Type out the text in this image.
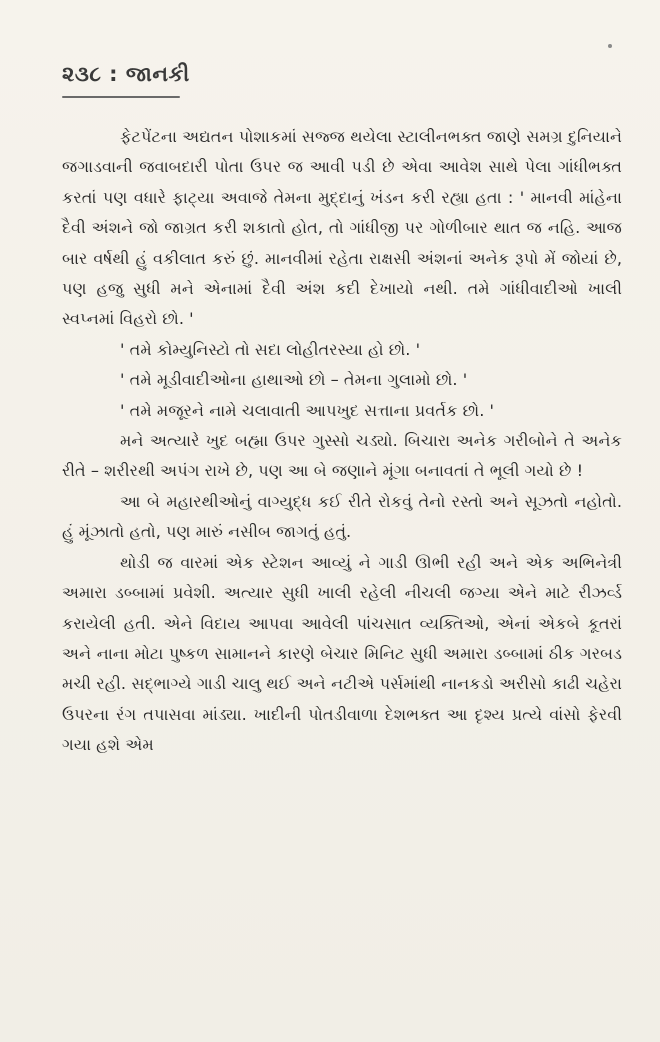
૨૩૮ : જાનકી

ફેટપેંટના અદ્યતન પોશાકમાં સજ્જ થયેલા સ્ટાલીનભક્ત જાણે સમગ્ર દુનિયાને જગાડવાની જવાબદારી પોતા ઉપર જ આવી પડી છે એવા આવેશ સાથે પેલા ગાંધીભક્ત કરતાં પણ વધારે ફાટ્યા અવાજે તેમના મુદ્દાનું ખંડન કરી રહ્યા હતા : ' માનવી માંહેના દૈવી અંશને જો જાગ્રત કરી શકાતો હોત, તો ગાંધીજી પર ગોળીબાર થાત જ નહિ. આજ બાર વર્ષથી હું વકીલાત કરું છું. માનવીમાં રહેતા રાક્ષસી અંશનાં અનેક રૂપો મેં જોયાં છે, પણ હજુ સુધી મને એનામાં દૈવી અંશ કદી દેખાયો નથી. તમે ગાંધીવાદીઓ ખાલી સ્વપ્નમાં વિહરો છો. '

' તમે કોમ્યુનિસ્ટો તો સદા લોહીતરસ્યા હો છો. '

' તમે મૂડીવાદીઓના હાથાઓ છો – તેમના ગુલામો છો. '

' તમે મજૂરને નામે ચલાવાતી આપખુદ સત્તાના પ્રવર્તક છો. '

મને અત્યારે ખુદ બહ્મા ઉપર ગુસ્સો ચડ્યો. બિચારા અનેક ગરીબોને તે અનેક રીતે – શરીરથી અપંગ રાખે છે, પણ આ બે જણાને મૂંગા બનાવતાં તે ભૂલી ગયો છે !

આ બે મહારથીઓનું વાગ્યુદ્ધ કઈ રીતે રોકવું તેનો રસ્તો અને સૂઝતો નહોતો. હું મૂંઝાતો હતો, પણ મારું નસીબ જાગતું હતું.

થોડી જ વારમાં એક સ્ટેશન આવ્યું ને ગાડી ઊભી રહી અને એક અભિનેત્રી અમારા ડબ્બામાં પ્રવેશી. અત્યાર સુધી ખાલી રહેલી નીચલી જગ્યા એને માટે રીઝર્વ્ડ કરાયેલી હતી. એને વિદાય આપવા આવેલી પાંચસાત વ્યક્તિઓ, એનાં એકબે કૂતરાં અને નાના મોટા પુષ્કળ સામાનને કારણે બેચાર મિનિટ સુધી અમારા ડબ્બામાં ઠીક ગરબડ મચી રહી. સદ્‌ભાગ્યે ગાડી ચાલુ થઈ અને નટીએ પર્સમાંથી નાનકડો અરીસો કાઢી ચહેરા ઉપરના રંગ તપાસવા માંડ્યા. ખાદીની પોતડીવાળા દેશભક્ત આ દૃશ્ય પ્રત્યે વાંસો ફેરવી ગયા હશે એમ
